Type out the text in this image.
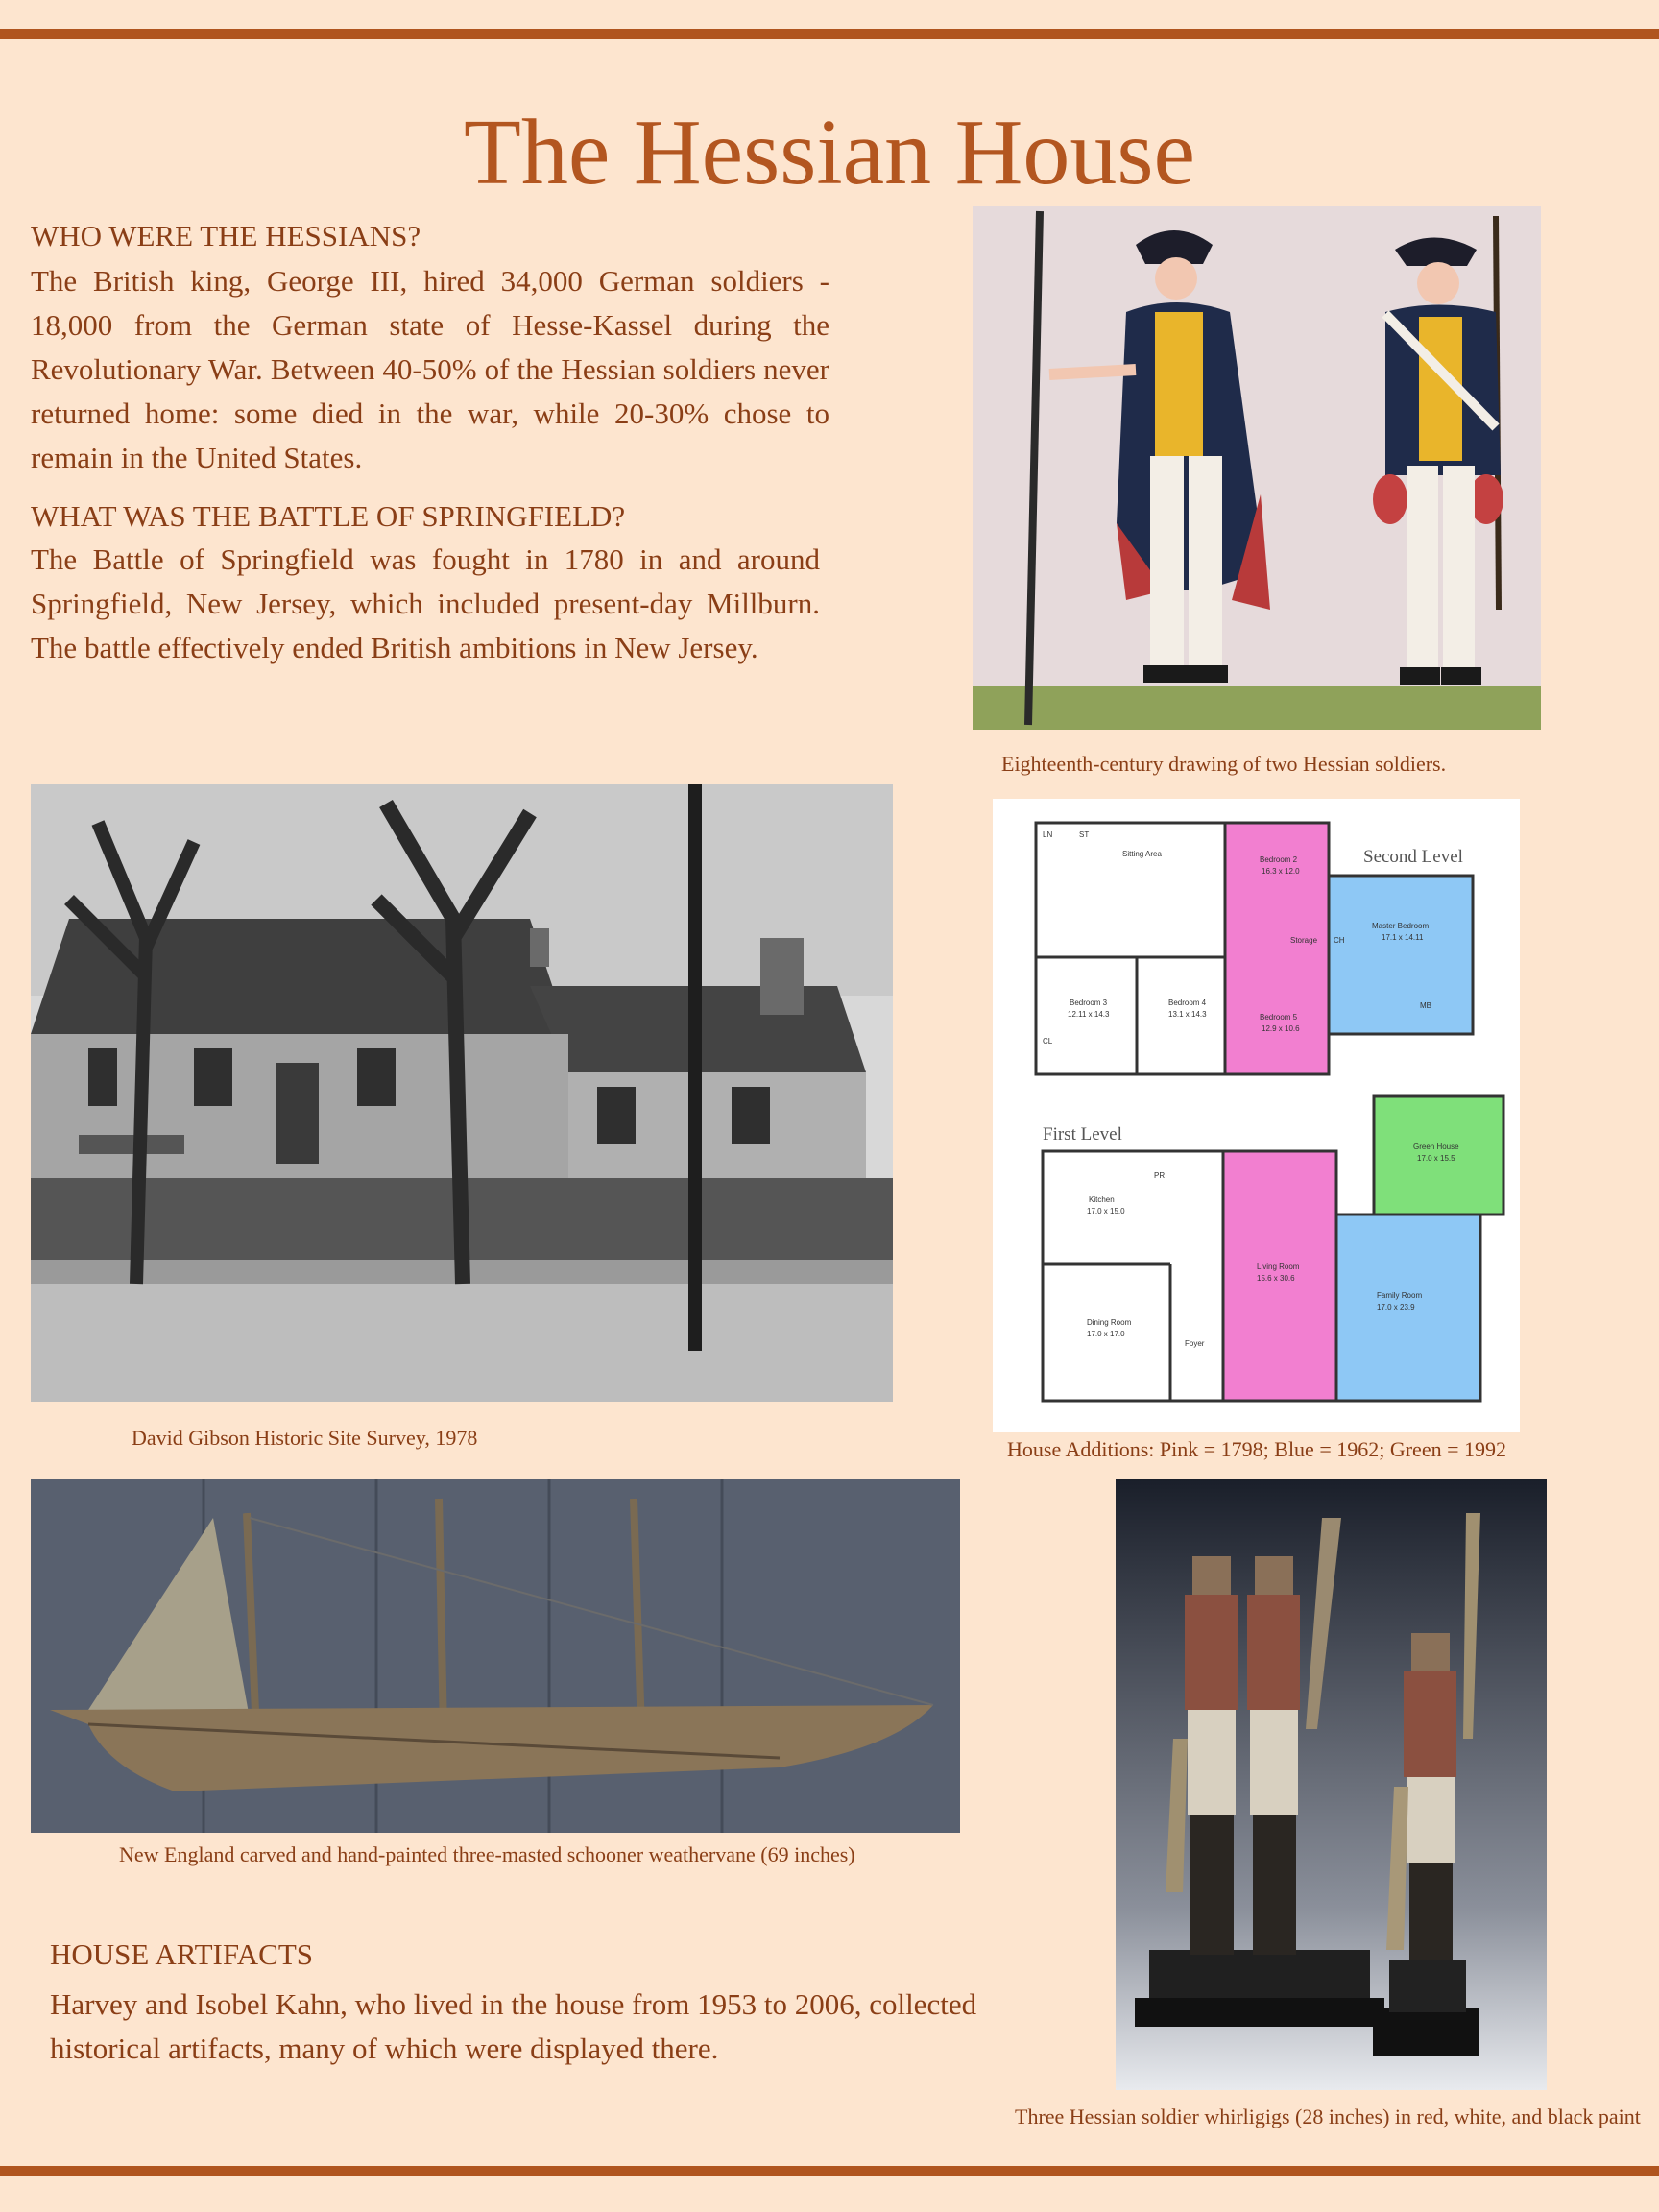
The Hessian House
WHO WERE THE HESSIANS?

The British king, George III, hired 34,000 German soldiers - 18,000 from the German state of Hesse-Kassel during the Revolutionary War. Between 40-50% of the Hessian soldiers never returned home: some died in the war, while 20-30% chose to remain in the United States.

WHAT WAS THE BATTLE OF SPRINGFIELD?

The Battle of Springfield was fought in 1780 in and around Springfield, New Jersey, which included present-day Millburn. The battle effectively ended British ambitions in New Jersey.

Eighteenth-century drawing of two Hessian soldiers.
David Gibson Historic Site Survey, 1978
LN	ST
Sitting Area
Bedroom 2
16.3 x 12.0
Master Bedroom
17.1 x 14.11
Storage CH
MB
Bedroom 3
12.11 x 14.3
Bedroom 4
13.1 x 14.3	Bedroom 5
12.9 x 10.6
CL
Green House
17.0 x 15.5
Kitchen
17.0 x 15.0
PR
Living Room
15.6 x 30.6
Family Room
17.0 x 23.9
Dining Room
17.0 x 17.0
Foyer
Second Level
First Level
House Additions: Pink = 1798; Blue = 1962; Green = 1992
New England carved and hand-painted three-masted schooner weathervane (69 inches)
Three Hessian soldier whirligigs (28 inches) in red, white, and black paint
HOUSE ARTIFACTS

Harvey and Isobel Kahn, who lived in the house from 1953 to 2006, collected historical artifacts, many of which were displayed there.
